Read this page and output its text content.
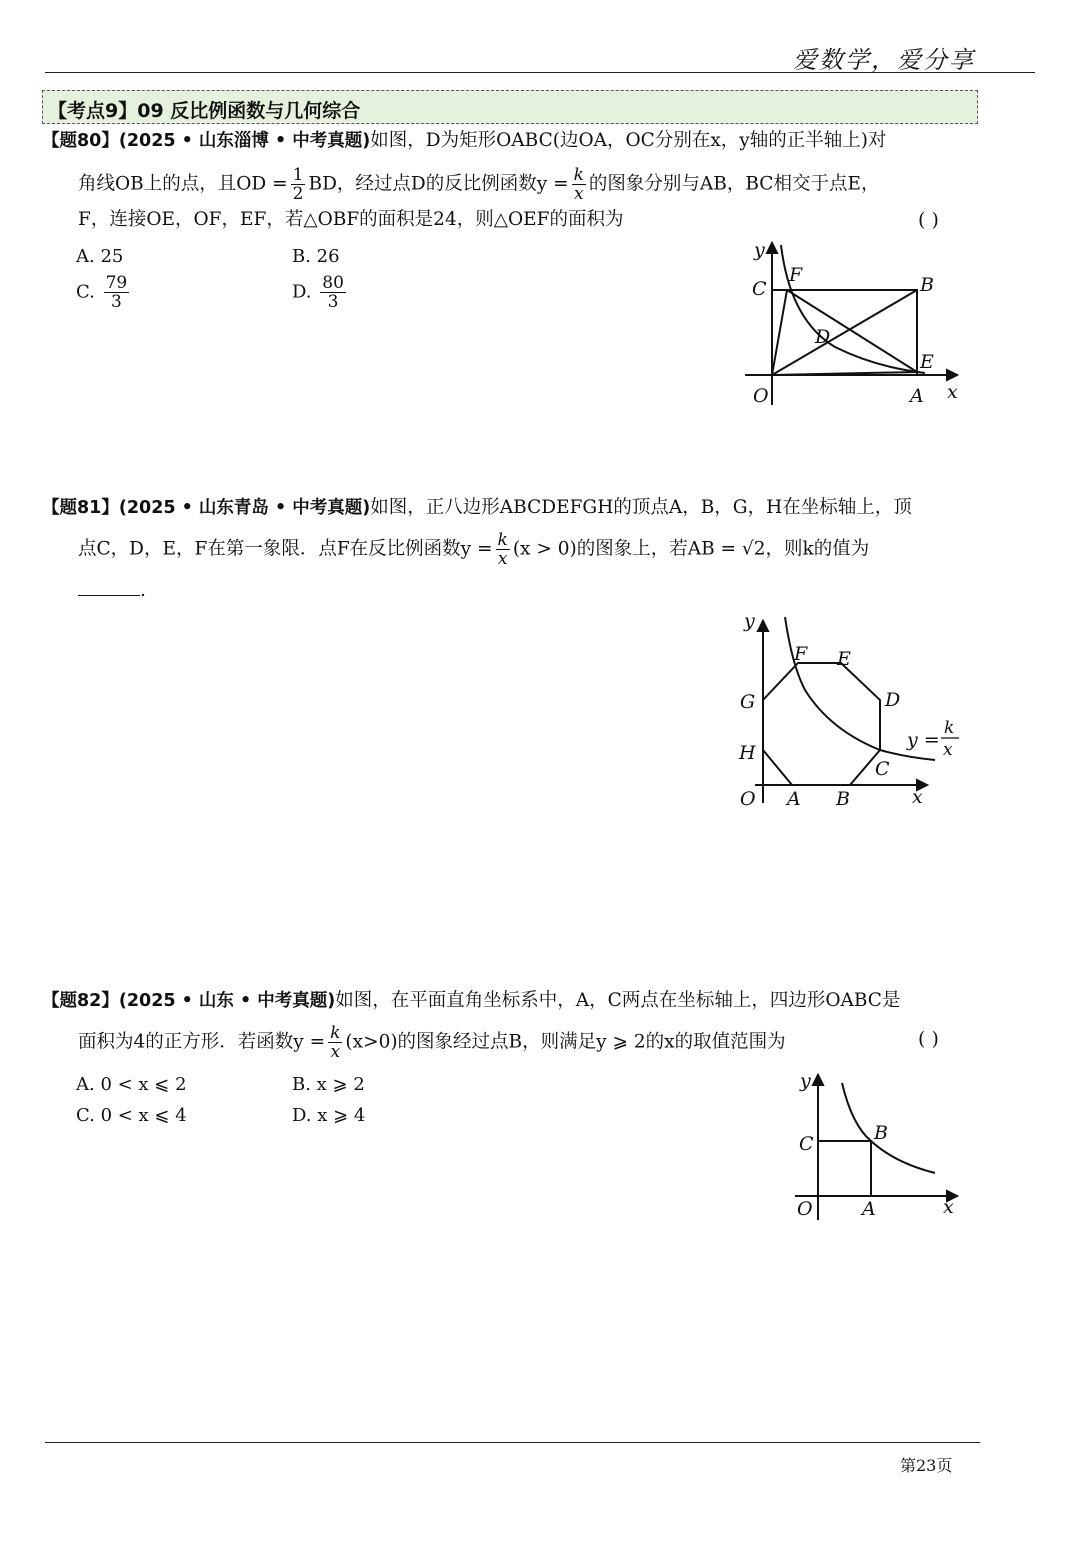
爱数学，爱分享
【考点9】09 反比例函数与几何综合
【题80】(2025 • 山东淄博 • 中考真题)如图，D为矩形OABC(边OA，OC分别在x，y轴的正半轴上)对
角线OB上的点，且OD = $\frac{1}{2}$ BD，经过点D的反比例函数$y = \frac{k}{x}$ 的图象分别与AB，BC相交于点E，
F，连接OE，OF，EF，若△OBF的面积是24，则△OEF的面积为	( )
A. 25	B. 26
C. $\frac{79}{3}$	D. $\frac{80}{3}$
y
C
F	B
D
E
O	A x
【题81】(2025 • 山东青岛 • 中考真题)如图，正八边形ABCDEFGH的顶点A，B，G，H在坐标轴上，顶
点C，D，E，F在第一象限．点F在反比例函数$y = \frac{k}{x} (x > 0)$的图象上，若AB = √2，则k的值为
.
y
F E
G	D
H
C
O A B	x
y =
k
x
【题82】(2025 • 山东 • 中考真题)如图，在平面直角坐标系中，A，C两点在坐标轴上，四边形OABC是
面积为4的正方形．若函数$y = \frac{k}{x} (x>0)$的图象经过点B，则满足y ⩾ 2的x的取值范围为	( )
A. 0 < x ⩽ 2	B. x ⩾ 2
C. 0 < x ⩽ 4	D. x ⩾ 4
y
C	B
O	A	x
第23页
